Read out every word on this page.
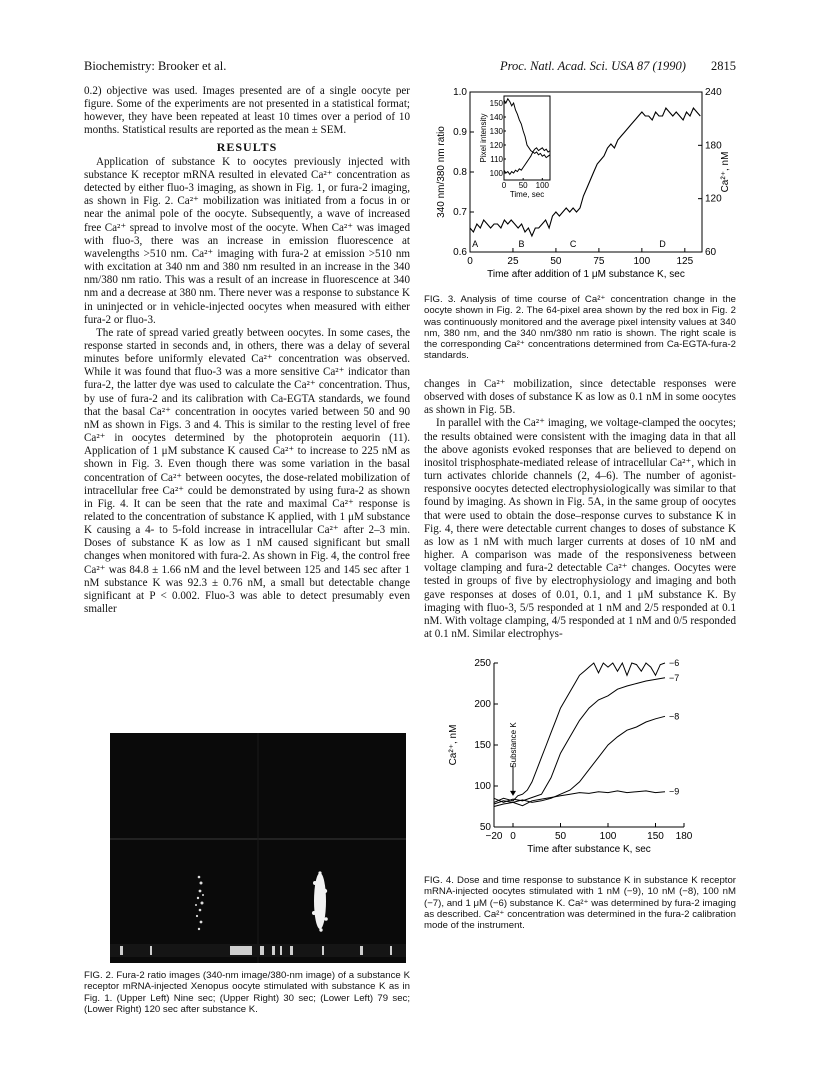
Biochemistry: Brooker et al.	Proc. Natl. Acad. Sci. USA 87 (1990) 2815

0.2) objective was used. Images presented are of a single oocyte per figure. Some of the experiments are not presented in a statistical format; however, they have been repeated at least 10 times over a period of 10 months. Statistical results are reported as the mean ± SEM.

RESULTS

Application of substance K to oocytes previously injected with substance K receptor mRNA resulted in elevated Ca²⁺ concentration as detected by either fluo-3 imaging, as shown in Fig. 1, or fura-2 imaging, as shown in Fig. 2. Ca²⁺ mobilization was initiated from a focus in or near the animal pole of the oocyte. Subsequently, a wave of increased free Ca²⁺ spread to involve most of the oocyte. When Ca²⁺ was imaged with fluo-3, there was an increase in emission fluorescence at wavelengths >510 nm. Ca²⁺ imaging with fura-2 at emission >510 nm with excitation at 340 nm and 380 nm resulted in an increase in the 340 nm/380 nm ratio. This was a result of an increase in fluorescence at 340 nm and a decrease at 380 nm. There never was a response to substance K in uninjected or in vehicle-injected oocytes when measured with either fura-2 or fluo-3.

The rate of spread varied greatly between oocytes. In some cases, the response started in seconds and, in others, there was a delay of several minutes before uniformly elevated Ca²⁺ concentration was observed. While it was found that fluo-3 was a more sensitive Ca²⁺ indicator than fura-2, the latter dye was used to calculate the Ca²⁺ concentration. Thus, by use of fura-2 and its calibration with Ca-EGTA standards, we found that the basal Ca²⁺ concentration in oocytes varied between 50 and 90 nM as shown in Figs. 3 and 4. This is similar to the resting level of free Ca²⁺ in oocytes determined by the photoprotein aequorin (11). Application of 1 μM substance K caused Ca²⁺ to increase to 225 nM as shown in Fig. 3. Even though there was some variation in the basal concentration of Ca²⁺ between oocytes, the dose-related mobilization of intracellular free Ca²⁺ could be demonstrated by using fura-2 as shown in Fig. 4. It can be seen that the rate and maximal Ca²⁺ response is related to the concentration of substance K applied, with 1 μM substance K causing a 4- to 5-fold increase in intracellular Ca²⁺ after 2–3 min. Doses of substance K as low as 1 nM caused significant but small changes when monitored with fura-2. As shown in Fig. 4, the control free Ca²⁺ was 84.8 ± 1.66 nM and the level between 125 and 145 sec after 1 nM substance K was 92.3 ± 0.76 nM, a small but detectable change significant at P < 0.002. Fluo-3 was able to detect presumably even smaller

FIG. 2. Fura-2 ratio images (340-nm image/380-nm image) of a substance K receptor mRNA-injected Xenopus oocyte stimulated with substance K as in Fig. 1. (Upper Left) Nine sec; (Upper Right) 30 sec; (Lower Left) 79 sec; (Lower Right) 120 sec after substance K.
0	25	50	75	100	125
0.6
0.7
0.8
0.9
1.0
60
120
180
240
Time after addition of 1 μM substance K, sec
340 nm/380 nm ratio	Ca²⁺, nM
A	B	C	D
100
110
120
130
140
150
0 50 100
Time, sec
Pixel intensity
FIG. 3. Analysis of time course of Ca²⁺ concentration change in the oocyte shown in Fig. 2. The 64-pixel area shown by the red box in Fig. 2 was continuously monitored and the average pixel intensity values at 340 nm, 380 nm, and the 340 nm/380 nm ratio is shown. The right scale is the corresponding Ca²⁺ concentrations determined from Ca-EGTA-fura-2 standards.

changes in Ca²⁺ mobilization, since detectable responses were observed with doses of substance K as low as 0.1 nM in some oocytes as shown in Fig. 5B.

In parallel with the Ca²⁺ imaging, we voltage-clamped the oocytes; the results obtained were consistent with the imaging data in that all the above agonists evoked responses that are believed to depend on inositol trisphosphate-mediated release of intracellular Ca²⁺, which in turn activates chloride channels (2, 4–6). The number of agonist-responsive oocytes detected electrophysiologically was similar to that found by imaging. As shown in Fig. 5A, in the same group of oocytes that were used to obtain the dose–response curves to substance K in Fig. 4, there were detectable current changes to doses of substance K as low as 1 nM with much larger currents at doses of 10 nM and higher. A comparison was made of the responsiveness between voltage clamping and fura-2 detectable Ca²⁺ changes. Oocytes were tested in groups of five by electrophysiology and imaging and both gave responses at doses of 0.01, 0.1, and 1 μM substance K. By imaging with fluo-3, 5/5 responded at 1 nM and 2/5 responded at 0.1 nM. With voltage clamping, 4/5 responded at 1 nM and 0/5 responded at 0.1 nM. Similar electrophys-

−20 0	50	100	150 180
50
100
150
200
250
Time after substance K, sec
Ca²⁺, nM	Substance K
−6
−7
−8
−9
FIG. 4. Dose and time response to substance K in substance K receptor mRNA-injected oocytes stimulated with 1 nM (−9), 10 nM (−8), 100 nM (−7), and 1 μM (−6) substance K. Ca²⁺ was determined by fura-2 imaging as described. Ca²⁺ concentration was determined in the fura-2 calibration mode of the instrument.
